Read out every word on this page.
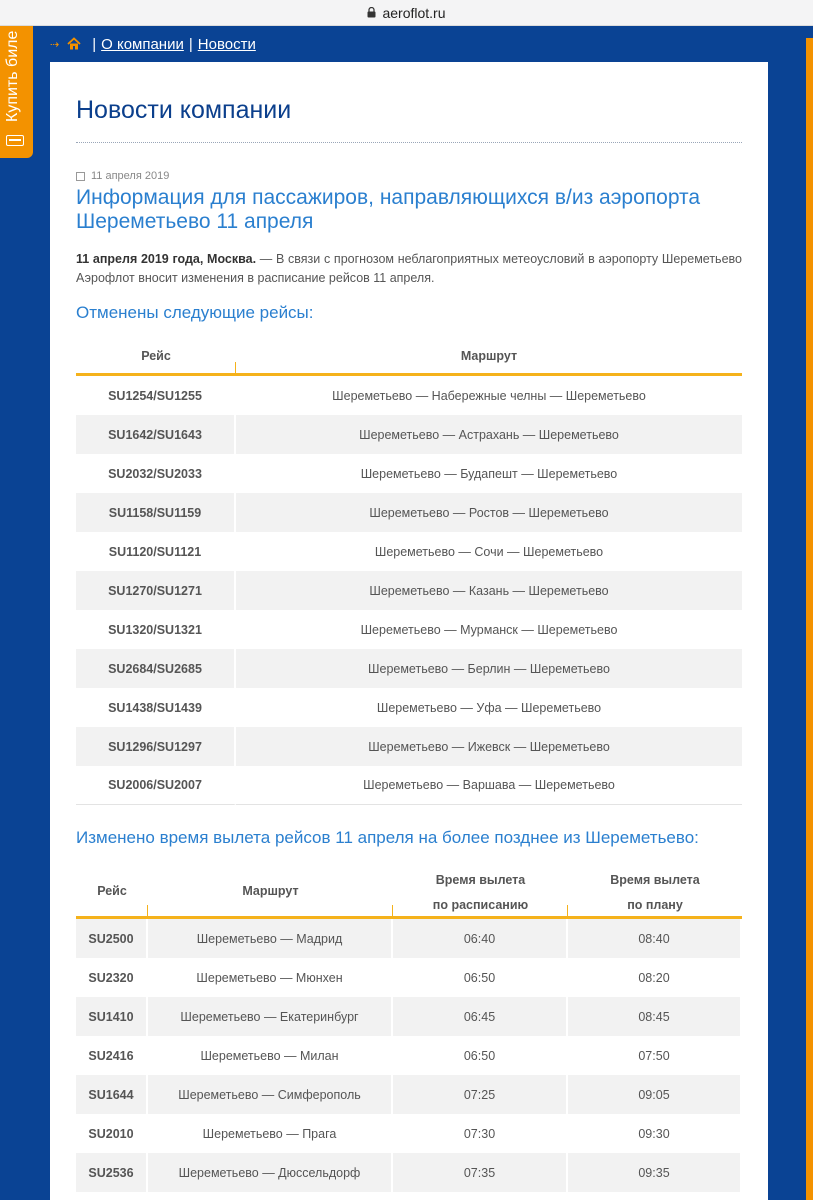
aeroflot.ru
Купить биле	⇢ | О компании | Новости
Новости компании
11 апреля 2019
Информация для пассажиров, направляющихся в/из аэропорта Шереметьево 11 апреля

11 апреля 2019 года, Москва. — В связи с прогнозом неблагоприятных метеоусловий в аэропорту Шереметьево Аэрофлот вносит изменения в расписание рейсов 11 апреля.

Отменены следующие рейсы:
Рейс	Маршрут
SU1254/SU1255	Шереметьево — Набережные челны — Шереметьево
SU1642/SU1643	Шереметьево — Астрахань — Шереметьево
SU2032/SU2033	Шереметьево — Будапешт — Шереметьево
SU1158/SU1159	Шереметьево — Ростов — Шереметьево
SU1120/SU1121	Шереметьево — Сочи — Шереметьево
SU1270/SU1271	Шереметьево — Казань — Шереметьево
SU1320/SU1321	Шереметьево — Мурманск — Шереметьево
SU2684/SU2685	Шереметьево — Берлин — Шереметьево
SU1438/SU1439	Шереметьево — Уфа — Шереметьево
SU1296/SU1297	Шереметьево — Ижевск — Шереметьево
SU2006/SU2007	Шереметьево — Варшава — Шереметьево
Изменено время вылета рейсов 11 апреля на более позднее из Шереметьево:
Рейс	Маршрут	Время вылета	Время вылета
		по расписанию	по плану
SU2500	Шереметьево — Мадрид	06:40	08:40
SU2320	Шереметьево — Мюнхен	06:50	08:20
SU1410	Шереметьево — Екатеринбург	06:45	08:45
SU2416	Шереметьево — Милан	06:50	07:50
SU1644	Шереметьево — Симферополь	07:25	09:05
SU2010	Шереметьево — Прага	07:30	09:30
SU2536	Шереметьево — Дюссельдорф	07:35	09:35
